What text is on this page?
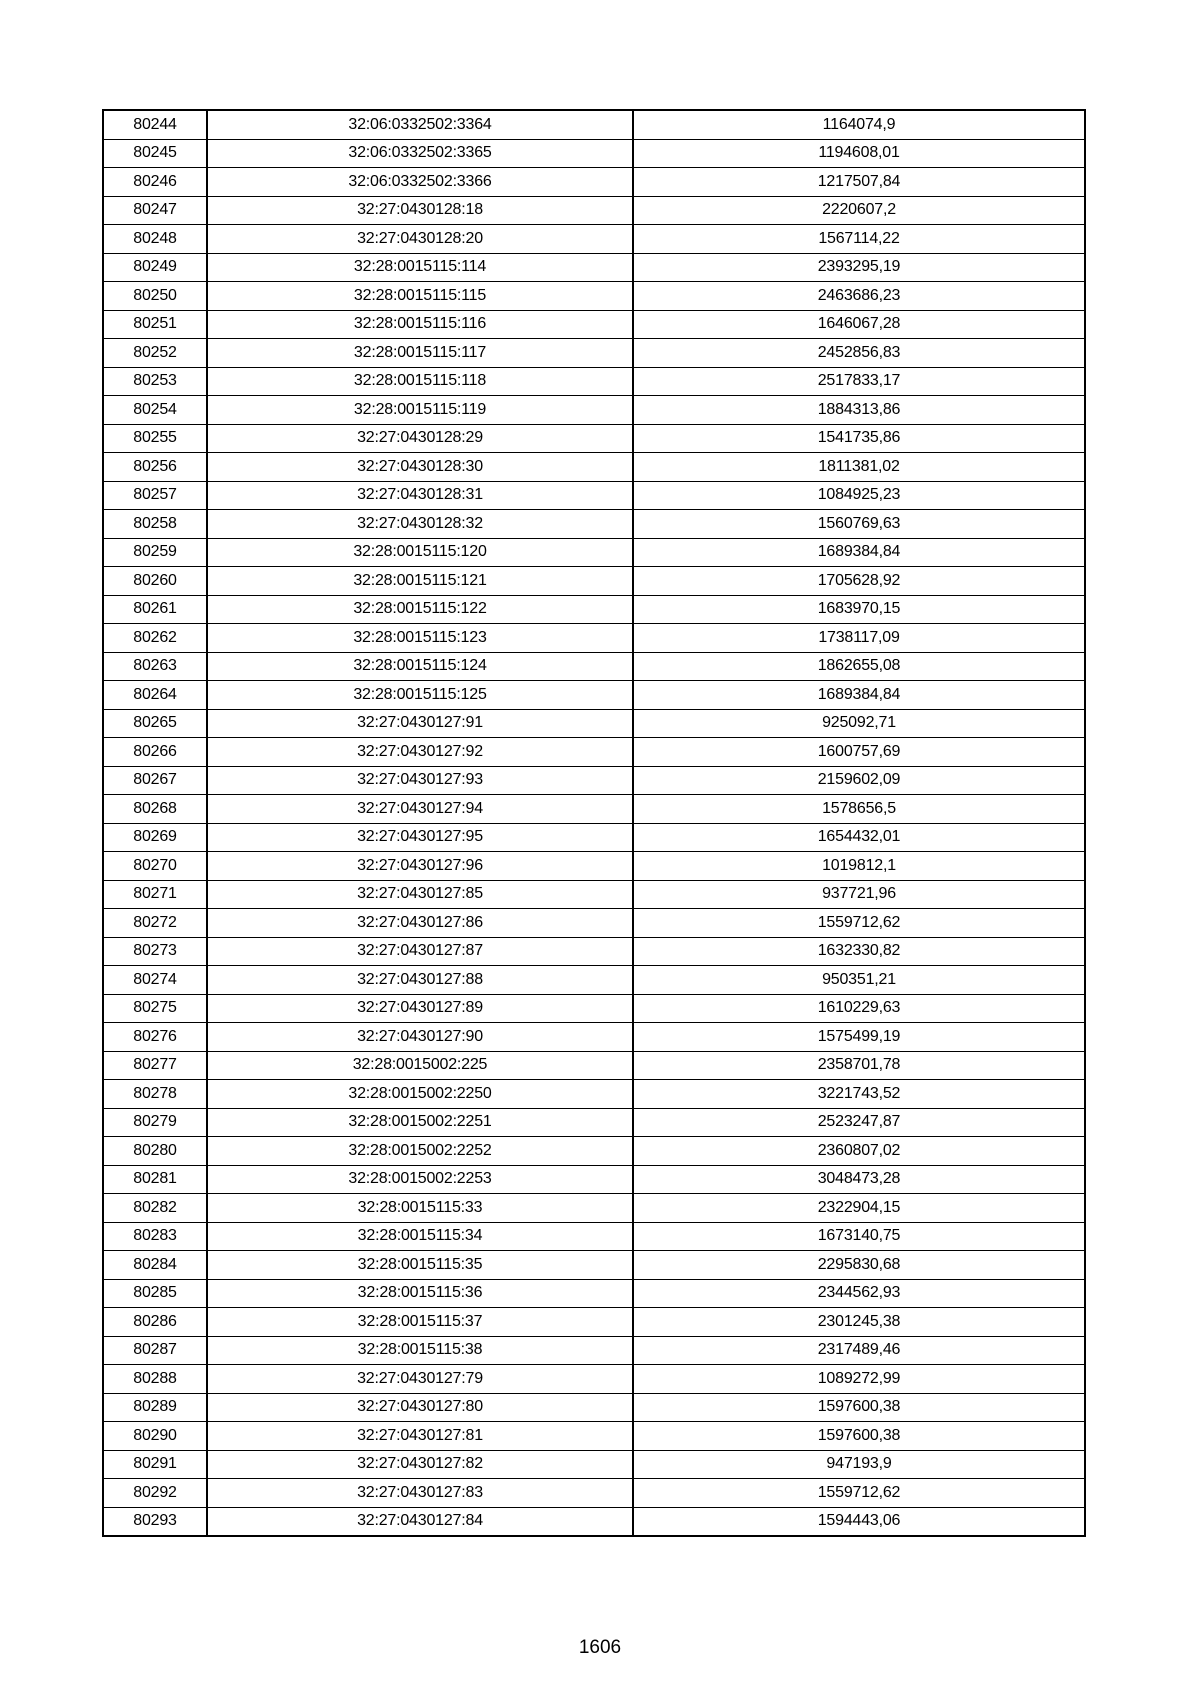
80244	32:06:0332502:3364	1164074,9
80245	32:06:0332502:3365	1194608,01
80246	32:06:0332502:3366	1217507,84
80247	32:27:0430128:18	2220607,2
80248	32:27:0430128:20	1567114,22
80249	32:28:0015115:114	2393295,19
80250	32:28:0015115:115	2463686,23
80251	32:28:0015115:116	1646067,28
80252	32:28:0015115:117	2452856,83
80253	32:28:0015115:118	2517833,17
80254	32:28:0015115:119	1884313,86
80255	32:27:0430128:29	1541735,86
80256	32:27:0430128:30	1811381,02
80257	32:27:0430128:31	1084925,23
80258	32:27:0430128:32	1560769,63
80259	32:28:0015115:120	1689384,84
80260	32:28:0015115:121	1705628,92
80261	32:28:0015115:122	1683970,15
80262	32:28:0015115:123	1738117,09
80263	32:28:0015115:124	1862655,08
80264	32:28:0015115:125	1689384,84
80265	32:27:0430127:91	925092,71
80266	32:27:0430127:92	1600757,69
80267	32:27:0430127:93	2159602,09
80268	32:27:0430127:94	1578656,5
80269	32:27:0430127:95	1654432,01
80270	32:27:0430127:96	1019812,1
80271	32:27:0430127:85	937721,96
80272	32:27:0430127:86	1559712,62
80273	32:27:0430127:87	1632330,82
80274	32:27:0430127:88	950351,21
80275	32:27:0430127:89	1610229,63
80276	32:27:0430127:90	1575499,19
80277	32:28:0015002:225	2358701,78
80278	32:28:0015002:2250	3221743,52
80279	32:28:0015002:2251	2523247,87
80280	32:28:0015002:2252	2360807,02
80281	32:28:0015002:2253	3048473,28
80282	32:28:0015115:33	2322904,15
80283	32:28:0015115:34	1673140,75
80284	32:28:0015115:35	2295830,68
80285	32:28:0015115:36	2344562,93
80286	32:28:0015115:37	2301245,38
80287	32:28:0015115:38	2317489,46
80288	32:27:0430127:79	1089272,99
80289	32:27:0430127:80	1597600,38
80290	32:27:0430127:81	1597600,38
80291	32:27:0430127:82	947193,9
80292	32:27:0430127:83	1559712,62
80293	32:27:0430127:84	1594443,06
1606
